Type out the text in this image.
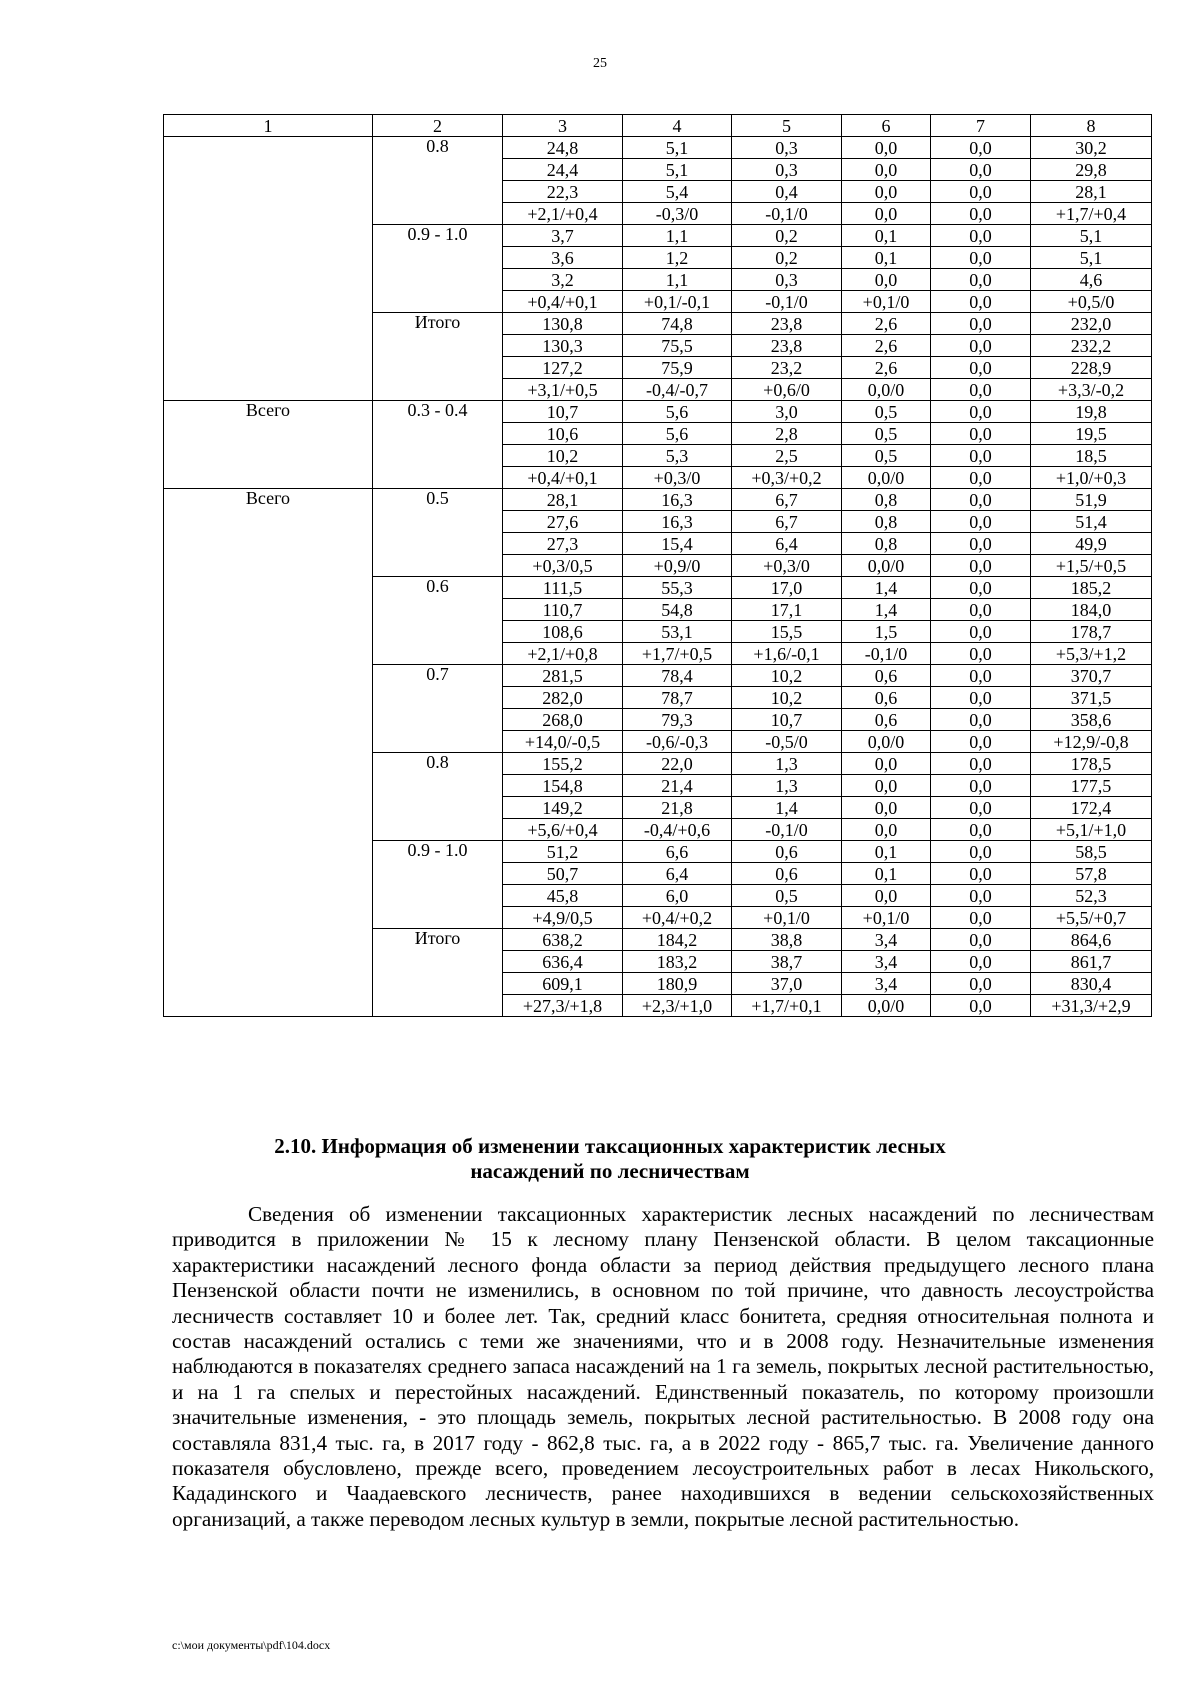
25
1	2	3	4	5	6	7	8
	0.8	24,8	5,1	0,3	0,0	0,0	30,2
		24,4	5,1	0,3	0,0	0,0	29,8
		22,3	5,4	0,4	0,0	0,0	28,1
		+2,1/+0,4	-0,3/0	-0,1/0	0,0	0,0	+1,7/+0,4
	0.9 - 1.0	3,7	1,1	0,2	0,1	0,0	5,1
		3,6	1,2	0,2	0,1	0,0	5,1
		3,2	1,1	0,3	0,0	0,0	4,6
		+0,4/+0,1	+0,1/-0,1	-0,1/0	+0,1/0	0,0	+0,5/0
	Итого	130,8	74,8	23,8	2,6	0,0	232,0
		130,3	75,5	23,8	2,6	0,0	232,2
		127,2	75,9	23,2	2,6	0,0	228,9
		+3,1/+0,5	-0,4/-0,7	+0,6/0	0,0/0	0,0	+3,3/-0,2
Всего	0.3 - 0.4	10,7	5,6	3,0	0,5	0,0	19,8
		10,6	5,6	2,8	0,5	0,0	19,5
		10,2	5,3	2,5	0,5	0,0	18,5
		+0,4/+0,1	+0,3/0	+0,3/+0,2	0,0/0	0,0	+1,0/+0,3
Всего	0.5	28,1	16,3	6,7	0,8	0,0	51,9
		27,6	16,3	6,7	0,8	0,0	51,4
		27,3	15,4	6,4	0,8	0,0	49,9
		+0,3/0,5	+0,9/0	+0,3/0	0,0/0	0,0	+1,5/+0,5
	0.6	111,5	55,3	17,0	1,4	0,0	185,2
		110,7	54,8	17,1	1,4	0,0	184,0
		108,6	53,1	15,5	1,5	0,0	178,7
		+2,1/+0,8	+1,7/+0,5	+1,6/-0,1	-0,1/0	0,0	+5,3/+1,2
	0.7	281,5	78,4	10,2	0,6	0,0	370,7
		282,0	78,7	10,2	0,6	0,0	371,5
		268,0	79,3	10,7	0,6	0,0	358,6
		+14,0/-0,5	-0,6/-0,3	-0,5/0	0,0/0	0,0	+12,9/-0,8
	0.8	155,2	22,0	1,3	0,0	0,0	178,5
		154,8	21,4	1,3	0,0	0,0	177,5
		149,2	21,8	1,4	0,0	0,0	172,4
		+5,6/+0,4	-0,4/+0,6	-0,1/0	0,0	0,0	+5,1/+1,0
	0.9 - 1.0	51,2	6,6	0,6	0,1	0,0	58,5
		50,7	6,4	0,6	0,1	0,0	57,8
		45,8	6,0	0,5	0,0	0,0	52,3
		+4,9/0,5	+0,4/+0,2	+0,1/0	+0,1/0	0,0	+5,5/+0,7
	Итого	638,2	184,2	38,8	3,4	0,0	864,6
		636,4	183,2	38,7	3,4	0,0	861,7
		609,1	180,9	37,0	3,4	0,0	830,4
		+27,3/+1,8	+2,3/+1,0	+1,7/+0,1	0,0/0	0,0	+31,3/+2,9
2.10. Информация об изменении таксационных характеристик лесных
насаждений по лесничествам

Сведения об изменении таксационных характеристик лесных насаждений по лесничествам приводится в приложении № 15 к лесному плану Пензенской области. В целом таксационные характеристики насаждений лесного фонда области за период действия предыдущего лесного плана Пензенской области почти не изменились, в основном по той причине, что давность лесоустройства лесничеств составляет 10 и более лет. Так, средний класс бонитета, средняя относительная полнота и состав насаждений остались с теми же значениями, что и в 2008 году. Незначительные изменения наблюдаются в показателях среднего запаса насаждений на 1 га земель, покрытых лесной растительностью, и на 1 га спелых и перестойных насаждений. Единственный показатель, по которому произошли значительные изменения, - это площадь земель, покрытых лесной растительностью. В 2008 году она составляла 831,4 тыс. га, в 2017 году - 862,8 тыс. га, а в 2022 году - 865,7 тыс. га. Увеличение данного показателя обусловлено, прежде всего, проведением лесоустроительных работ в лесах Никольского, Кададинского и Чаадаевского лесничеств, ранее находившихся в ведении сельскохозяйственных организаций, а также переводом лесных культур в земли, покрытые лесной растительностью.

c:\мои документы\pdf\104.docx
